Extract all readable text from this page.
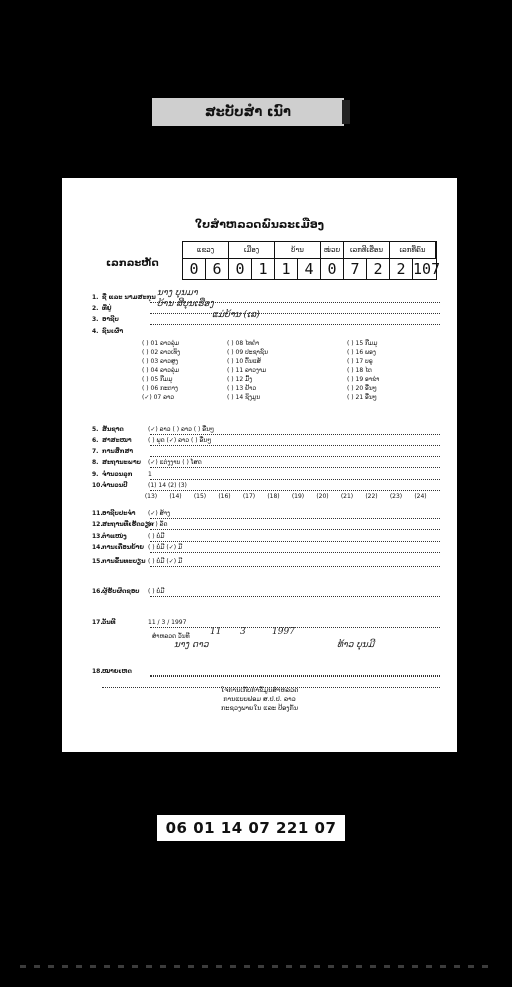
ສະບັບສຳ ເນົາ
ໃບສຳຫລວດພົນລະເມືອງ
ເລກລະຫັດ
ແຂວງ	ເມືອງ	ບ້ານ	ໜ່ວຍ	ເລກທີເຮືອນ	ເລກທີ່ຄົນ
0 6 0 1 1 4 0 7 2 2 107
1. ຊື່ ແລະ ນາມສະກຸນ ນາງ ບຸນມາ
2. ທີ່ຢູ່	ບ້ານ ສີບຸນເຮືອງ
3. ອາຊີບ	ແມ່ບ້ານ (ເລ)
4. ຊົນເຜົ່າ
( ) 01 ລາວລຸ່ມ	( ) 08 ໄທດຳ	( ) 15 ກືມມຸ
( ) 02 ລາວເທິງ	( ) 09 ປະຊາຊົນ	( ) 16 ພອງ
( ) 03 ລາວສູງ	( ) 10 ຕົ້ນແສ້	( ) 17 ບຣູ
( ) 04 ລາວລຸ່ມ	( ) 11 ລາວງາມ	( ) 18 ໄຕ
( ) 05 ກືມມຸ	( ) 12 ມົ້ງ	( ) 19 ອາຂ່າ
( ) 06 ກະຕາງ	( ) 13 ຢ້າວ	( ) 20 ອື່ນໆ
(✓) 07 ລາວ	( ) 14 ຊິງມູນ	( ) 21 ອື່ນໆ
5. ສັນຊາດ	(✓) ລາວ ( ) ລາວ ( ) ອື່ນໆ
6. ສາສະໜາ	( ) ພຸດ (✓) ລາວ ( ) ອື່ນໆ
7. ການສຶກສາ
8. ສະຖານະພາບ (✓) ແຕ່ງງານ ( ) ໂສດ
9. ຈຳນວນລູກ	1
10.ຈຳນວນປີ	(1) 14 (2) (3)
11.ອາຊີບປະຈຳ (✓) ສ້າງ
12.ສະຖານທີ່ເຮັດວຽກ(✓) ລັດ
13.ຕຳແໜ່ງ	( ) ບໍ່ມີ
14.ການເຄື່ອນຍ້າຍ ( ) ບໍ່ມີ (✓) ມີ
15.ການຂຶ້ນທະບຽນ ( ) ບໍ່ມີ (✓) ມີ
16.ຜູ້ຮັບຜິດຊອບ ( ) ບໍ່ມີ
17.ວັນທີ	11 / 3 / 1997
18.ໝາຍເຫດ
(13)	(14)	(15)	(16)	(17)	(18)	(19)	(20)	(21)	(22)	(23)	(24)
ສຳຫລວດ ວັນທີ 11 3	1997
ນາງ ດາວ	ທ້າວ ບຸນມີ
ໃຈການເກັບກຳຂໍ້ມູນສຳຫລວດ
ການແບບຟອມ ສ.ປ.ປ. ລາວ
ກະຊວງພາຍໃນ ແລະ ປ້ອງກັນ
06 01 14 07 221 07
